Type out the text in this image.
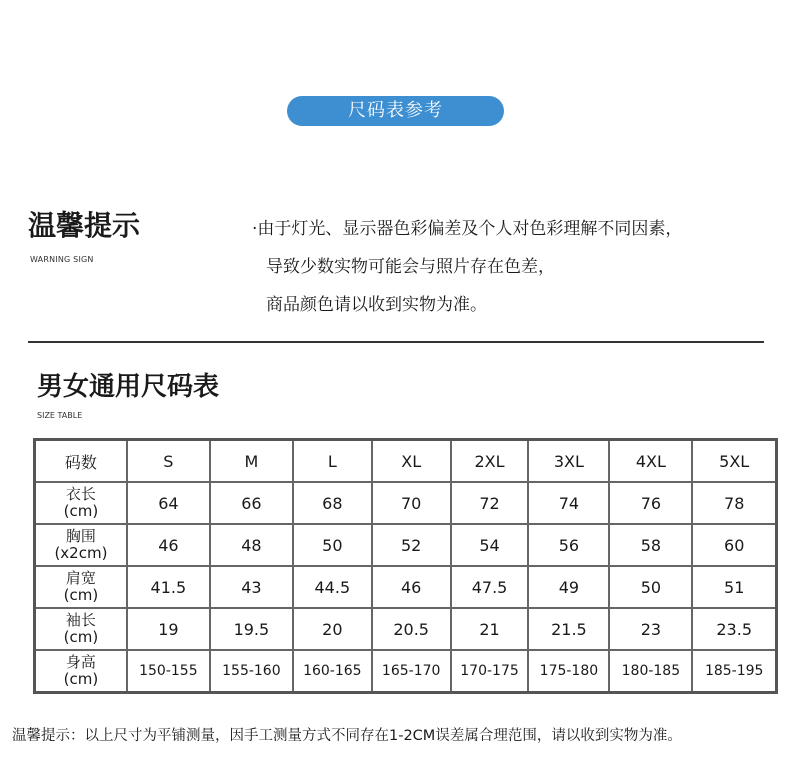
尺码表参考
温馨提示
WARNING SIGN
·由于灯光、显示器色彩偏差及个人对色彩理解不同因素，
导致少数实物可能会与照片存在色差，
商品颜色请以收到实物为准。
男女通用尺码表
SIZE TABLE
码数	S	M	L	XL	2XL	3XL	4XL	5XL
衣长
(cm)	64	66	68	70	72	74	76	78
胸围
(x2cm)	46	48	50	52	54	56	58	60
肩宽
(cm)	41.5	43	44.5	46	47.5	49	50	51
袖长
(cm)	19	19.5	20	20.5	21	21.5	23	23.5
身高
(cm)	150-155	155-160	160-165	165-170	170-175	175-180	180-185	185-195
温馨提示：以上尺寸为平铺测量，因手工测量方式不同存在1-2CM误差属合理范围，请以收到实物为准。
